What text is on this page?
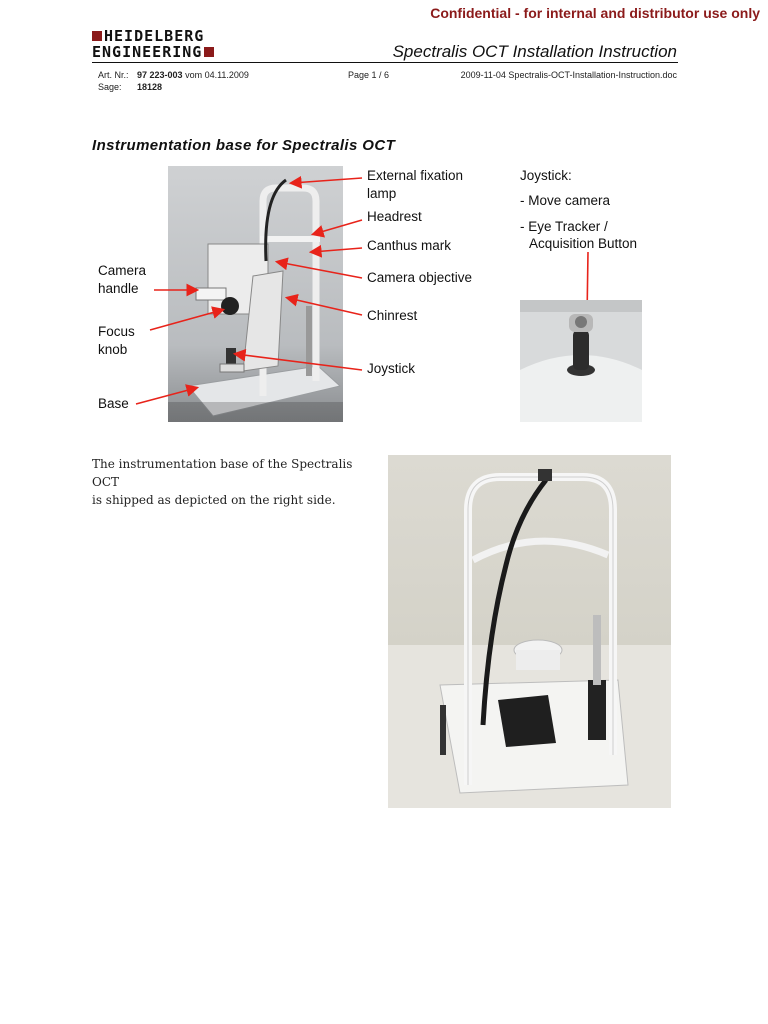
Confidential - for internal and distributor use only
HEIDELBERG
ENGINEERING	Spectralis OCT Installation Instruction
Art. Nr.:
Sage:
97 223-003 vom 04.11.2009
18128
Page 1 / 6	2009-11-04 Spectralis-OCT-Installation-Instruction.doc
Instrumentation base for Spectralis OCT
External fixation
lamp
Headrest
Canthus mark
Camera objective
Chinrest
Joystick
Camera
handle
Focus
knob
Base
Joystick:
- Move camera
- Eye Tracker /
Acquisition Button
The instrumentation base of the Spectralis OCT
is shipped as depicted on the right side.
